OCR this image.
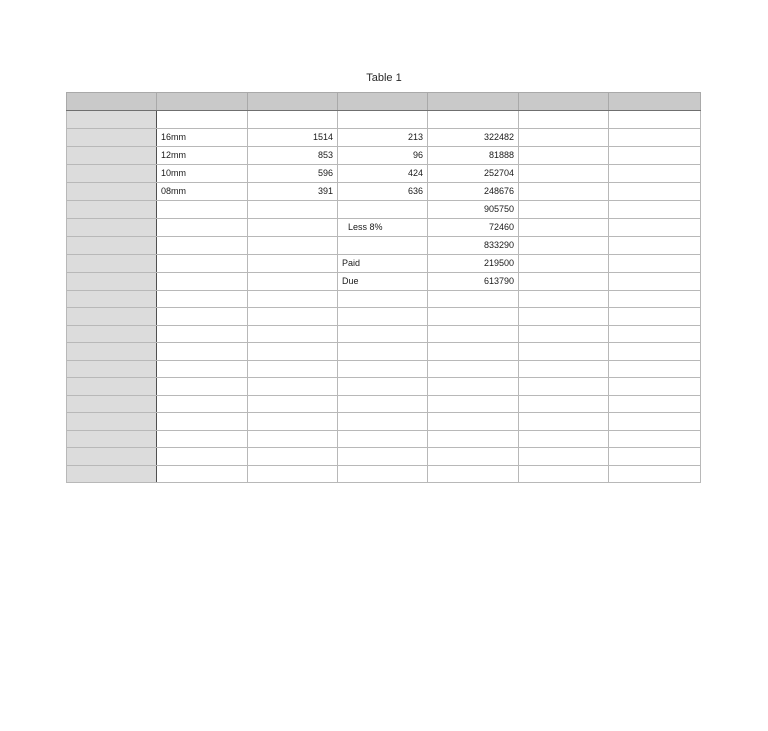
Table 1

	16mm	1514	213	322482		
	12mm	853	96	81888		
	10mm	596	424	252704		
	08mm	391	636	248676		
				905750		
			Less 8%	72460		
				833290		
			Paid	219500		
			Due	613790		
